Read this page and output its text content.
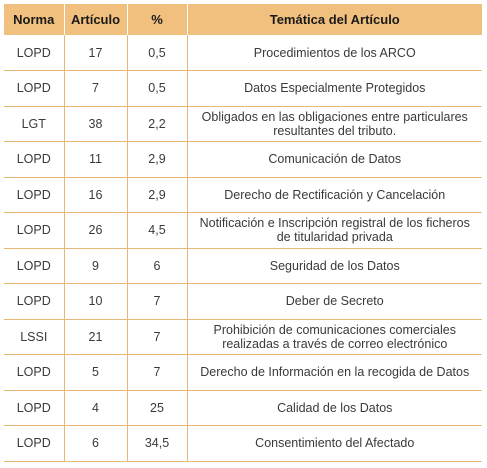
Norma	Artículo	%	Temática del Artículo
LOPD	17	0,5	Procedimientos de los ARCO
LOPD	7	0,5	Datos Especialmente Protegidos
LGT	38	2,2	Obligados en las obligaciones entre particulares resultantes del tributo.
LOPD	11	2,9	Comunicación de Datos
LOPD	16	2,9	Derecho de Rectificación y Cancelación
LOPD	26	4,5	Notificación e Inscripción registral de los ficheros de titularidad privada
LOPD	9	6	Seguridad de los Datos
LOPD	10	7	Deber de Secreto
LSSI	21	7	Prohibición de comunicaciones comerciales realizadas a través de correo electrónico
LOPD	5	7	Derecho de Información en la recogida de Datos
LOPD	4	25	Calidad de los Datos
LOPD	6	34,5	Consentimiento del Afectado
